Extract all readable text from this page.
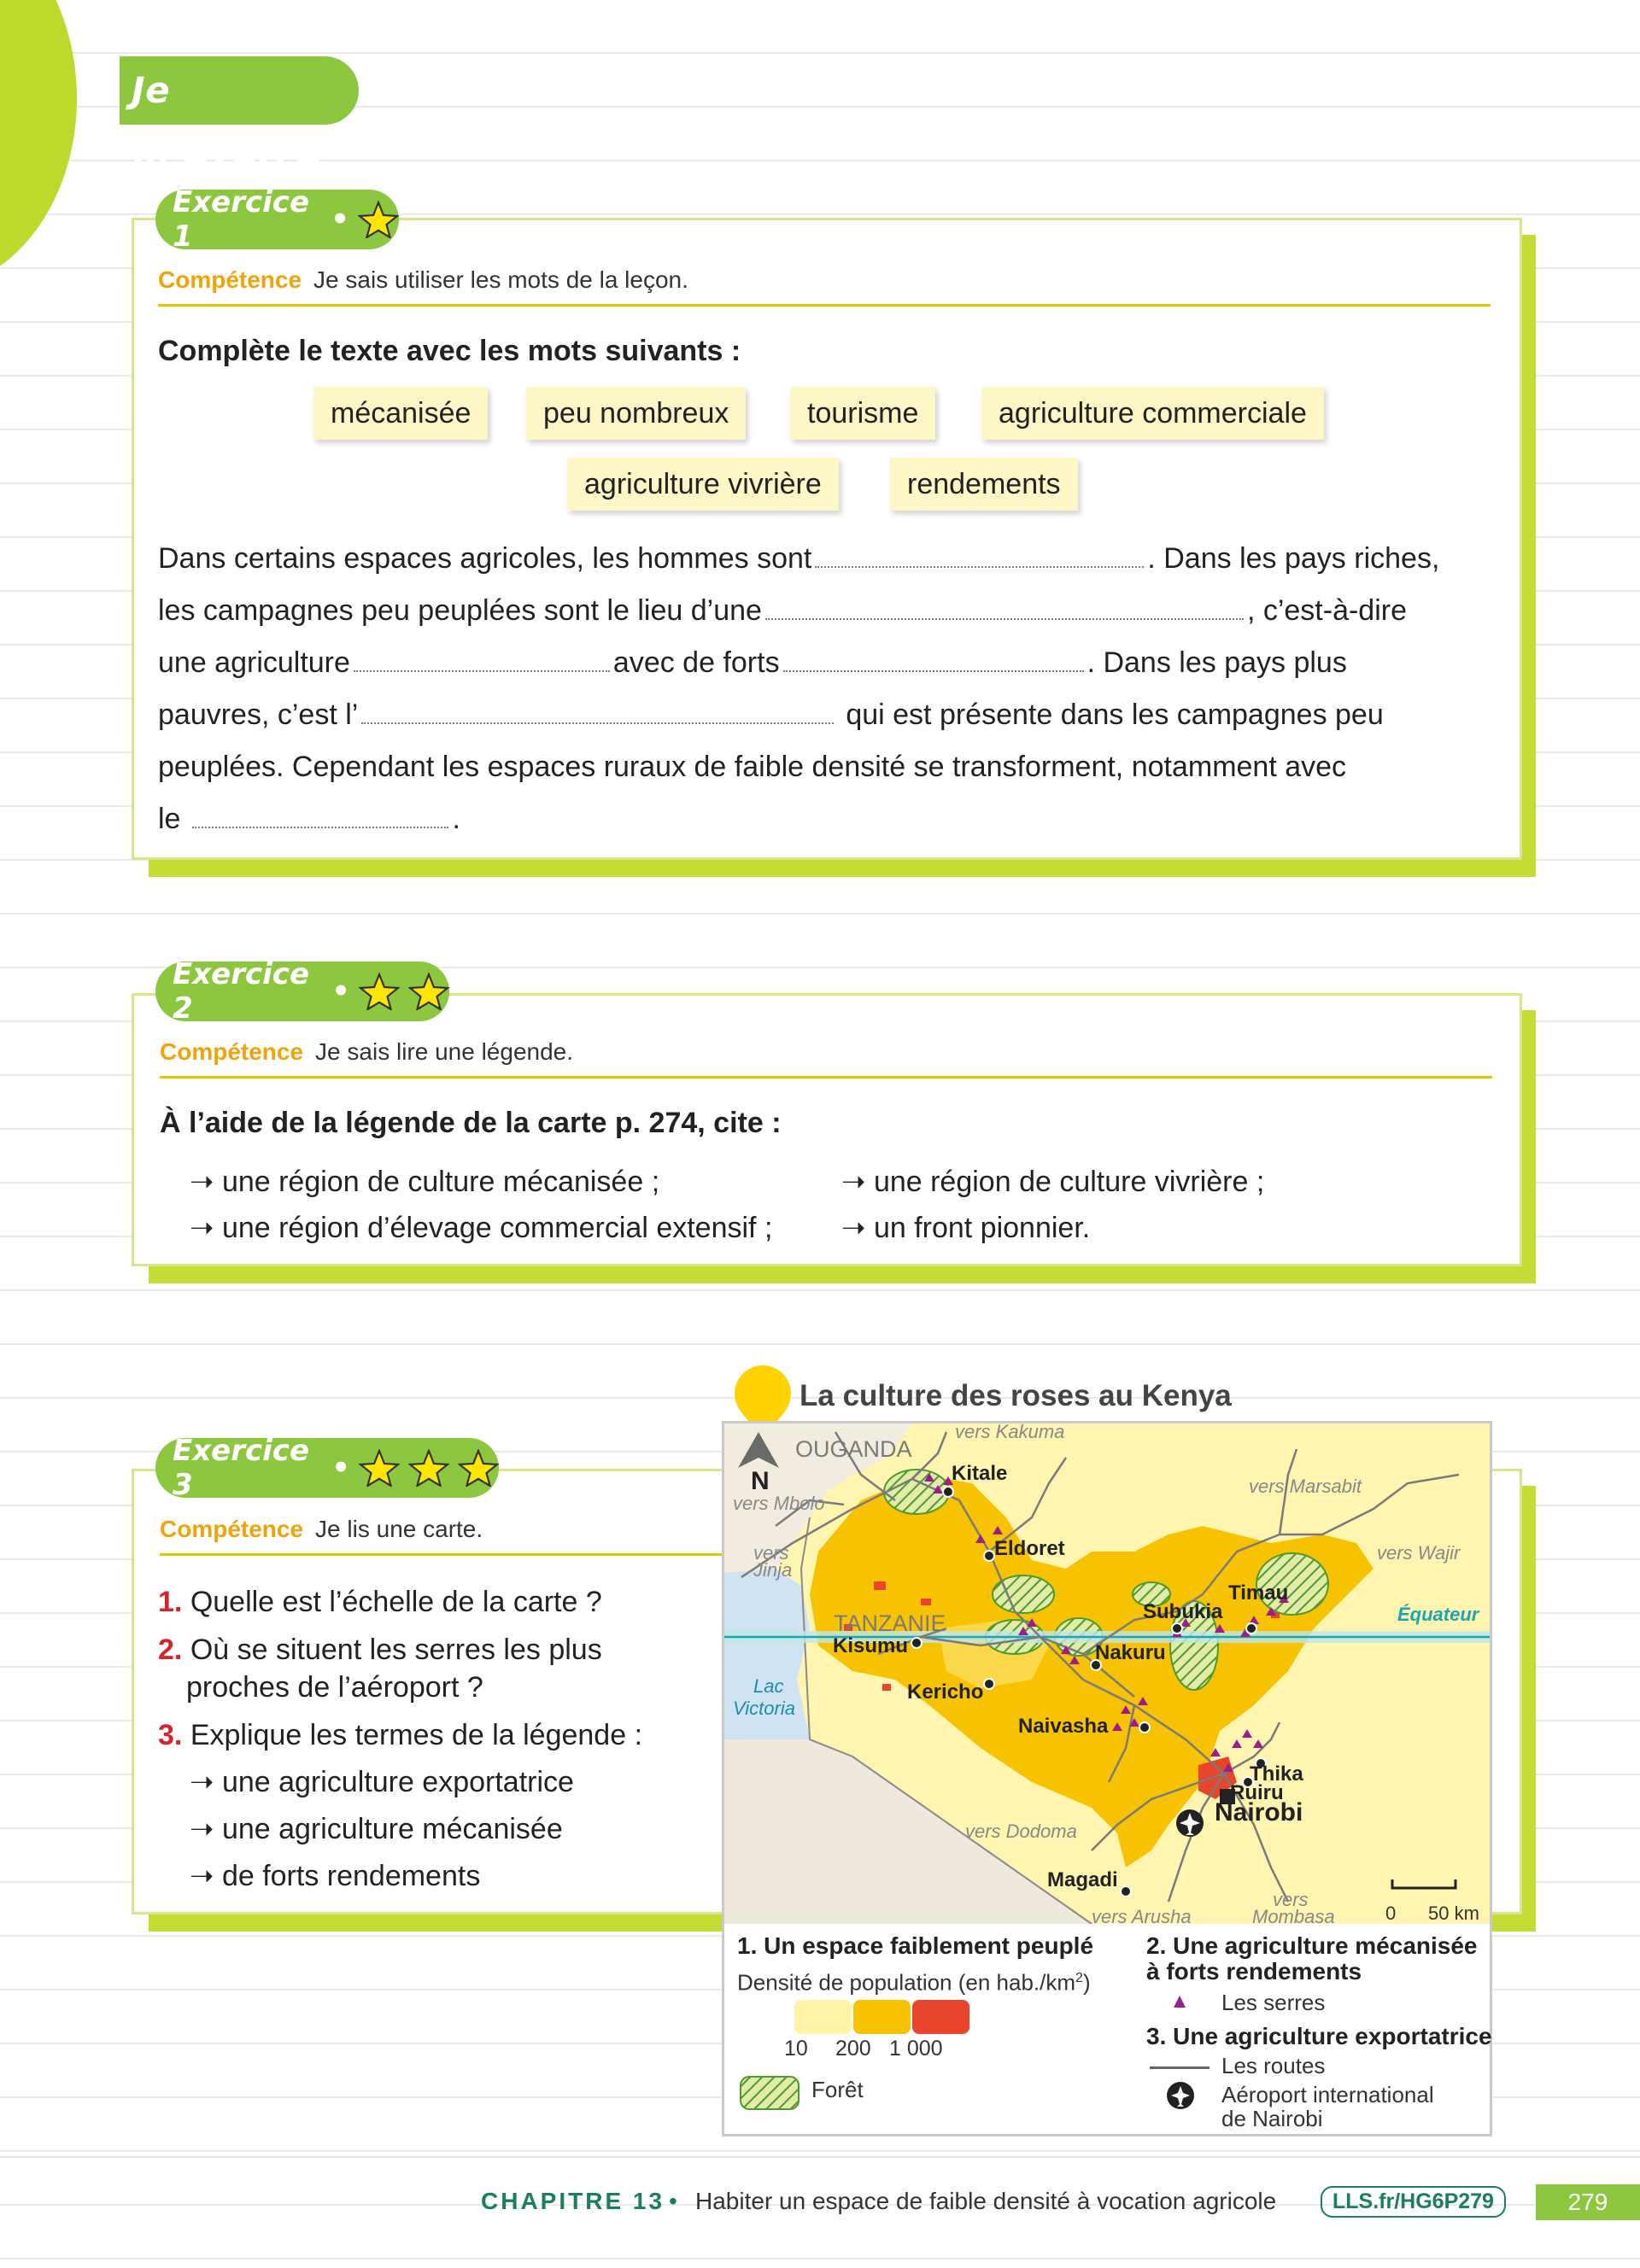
Je m’exerce
Exercice 1	•
Compétence Je sais utiliser les mots de la leçon.
Complète le texte avec les mots suivants :
mécanisée	peu nombreux	tourisme	agriculture commerciale
agriculture vivrière	rendements
Dans certains espaces agricoles, les hommes sont	. Dans les pays riches,
les campagnes peu peuplées sont le lieu d’une	, c’est-à-dire
une agriculture	avec de forts	. Dans les pays plus
pauvres, c’est l’	qui est présente dans les campagnes peu
peuplées. Cependant les espaces ruraux de faible densité se transforment, notamment avec
le	.
Exercice 2	•
Compétence Je sais lire une légende.
À l’aide de la légende de la carte p. 274, cite :
➝ une région de culture mécanisée ;	➝ une région de culture vivrière ;
➝ une région d’élevage commercial extensif ; ➝ un front pionnier.
Exercice 3	•
Compétence Je lis une carte.
1. Quelle est l’échelle de la carte ?
2. Où se situent les serres les plus
proches de l’aéroport ?
3. Explique les termes de la légende :
➝ une agriculture exportatrice
➝ une agriculture mécanisée
➝ de forts rendements
La culture des roses au Kenya
N
OUGANDA
TANZANIE
Lac
Victoria
Équateur
vers Kakuma
vers Mbolo
vers
Jinja
vers Marsabit
vers Wajir
vers Dodoma
vers Arusha
vers
Mombasa
Kitale
Eldoret
Kisumu
Kericho
Subukia
Timau
Nakuru
Naivasha
Thika
Ruiru
Nairobi
Magadi
0 50 km
1. Un espace faiblement peuplé
Densité de population (en $hab./km^2$)
10 200 1 000
Forêt
2. Une agriculture mécanisée
à forts rendements
Les serres
3. Une agriculture exportatrice
Les routes
Aéroport international
de Nairobi
CHAPITRE 13 • Habiter un espace de faible densité à vocation agricole	LLS.fr/HG6P279	279
